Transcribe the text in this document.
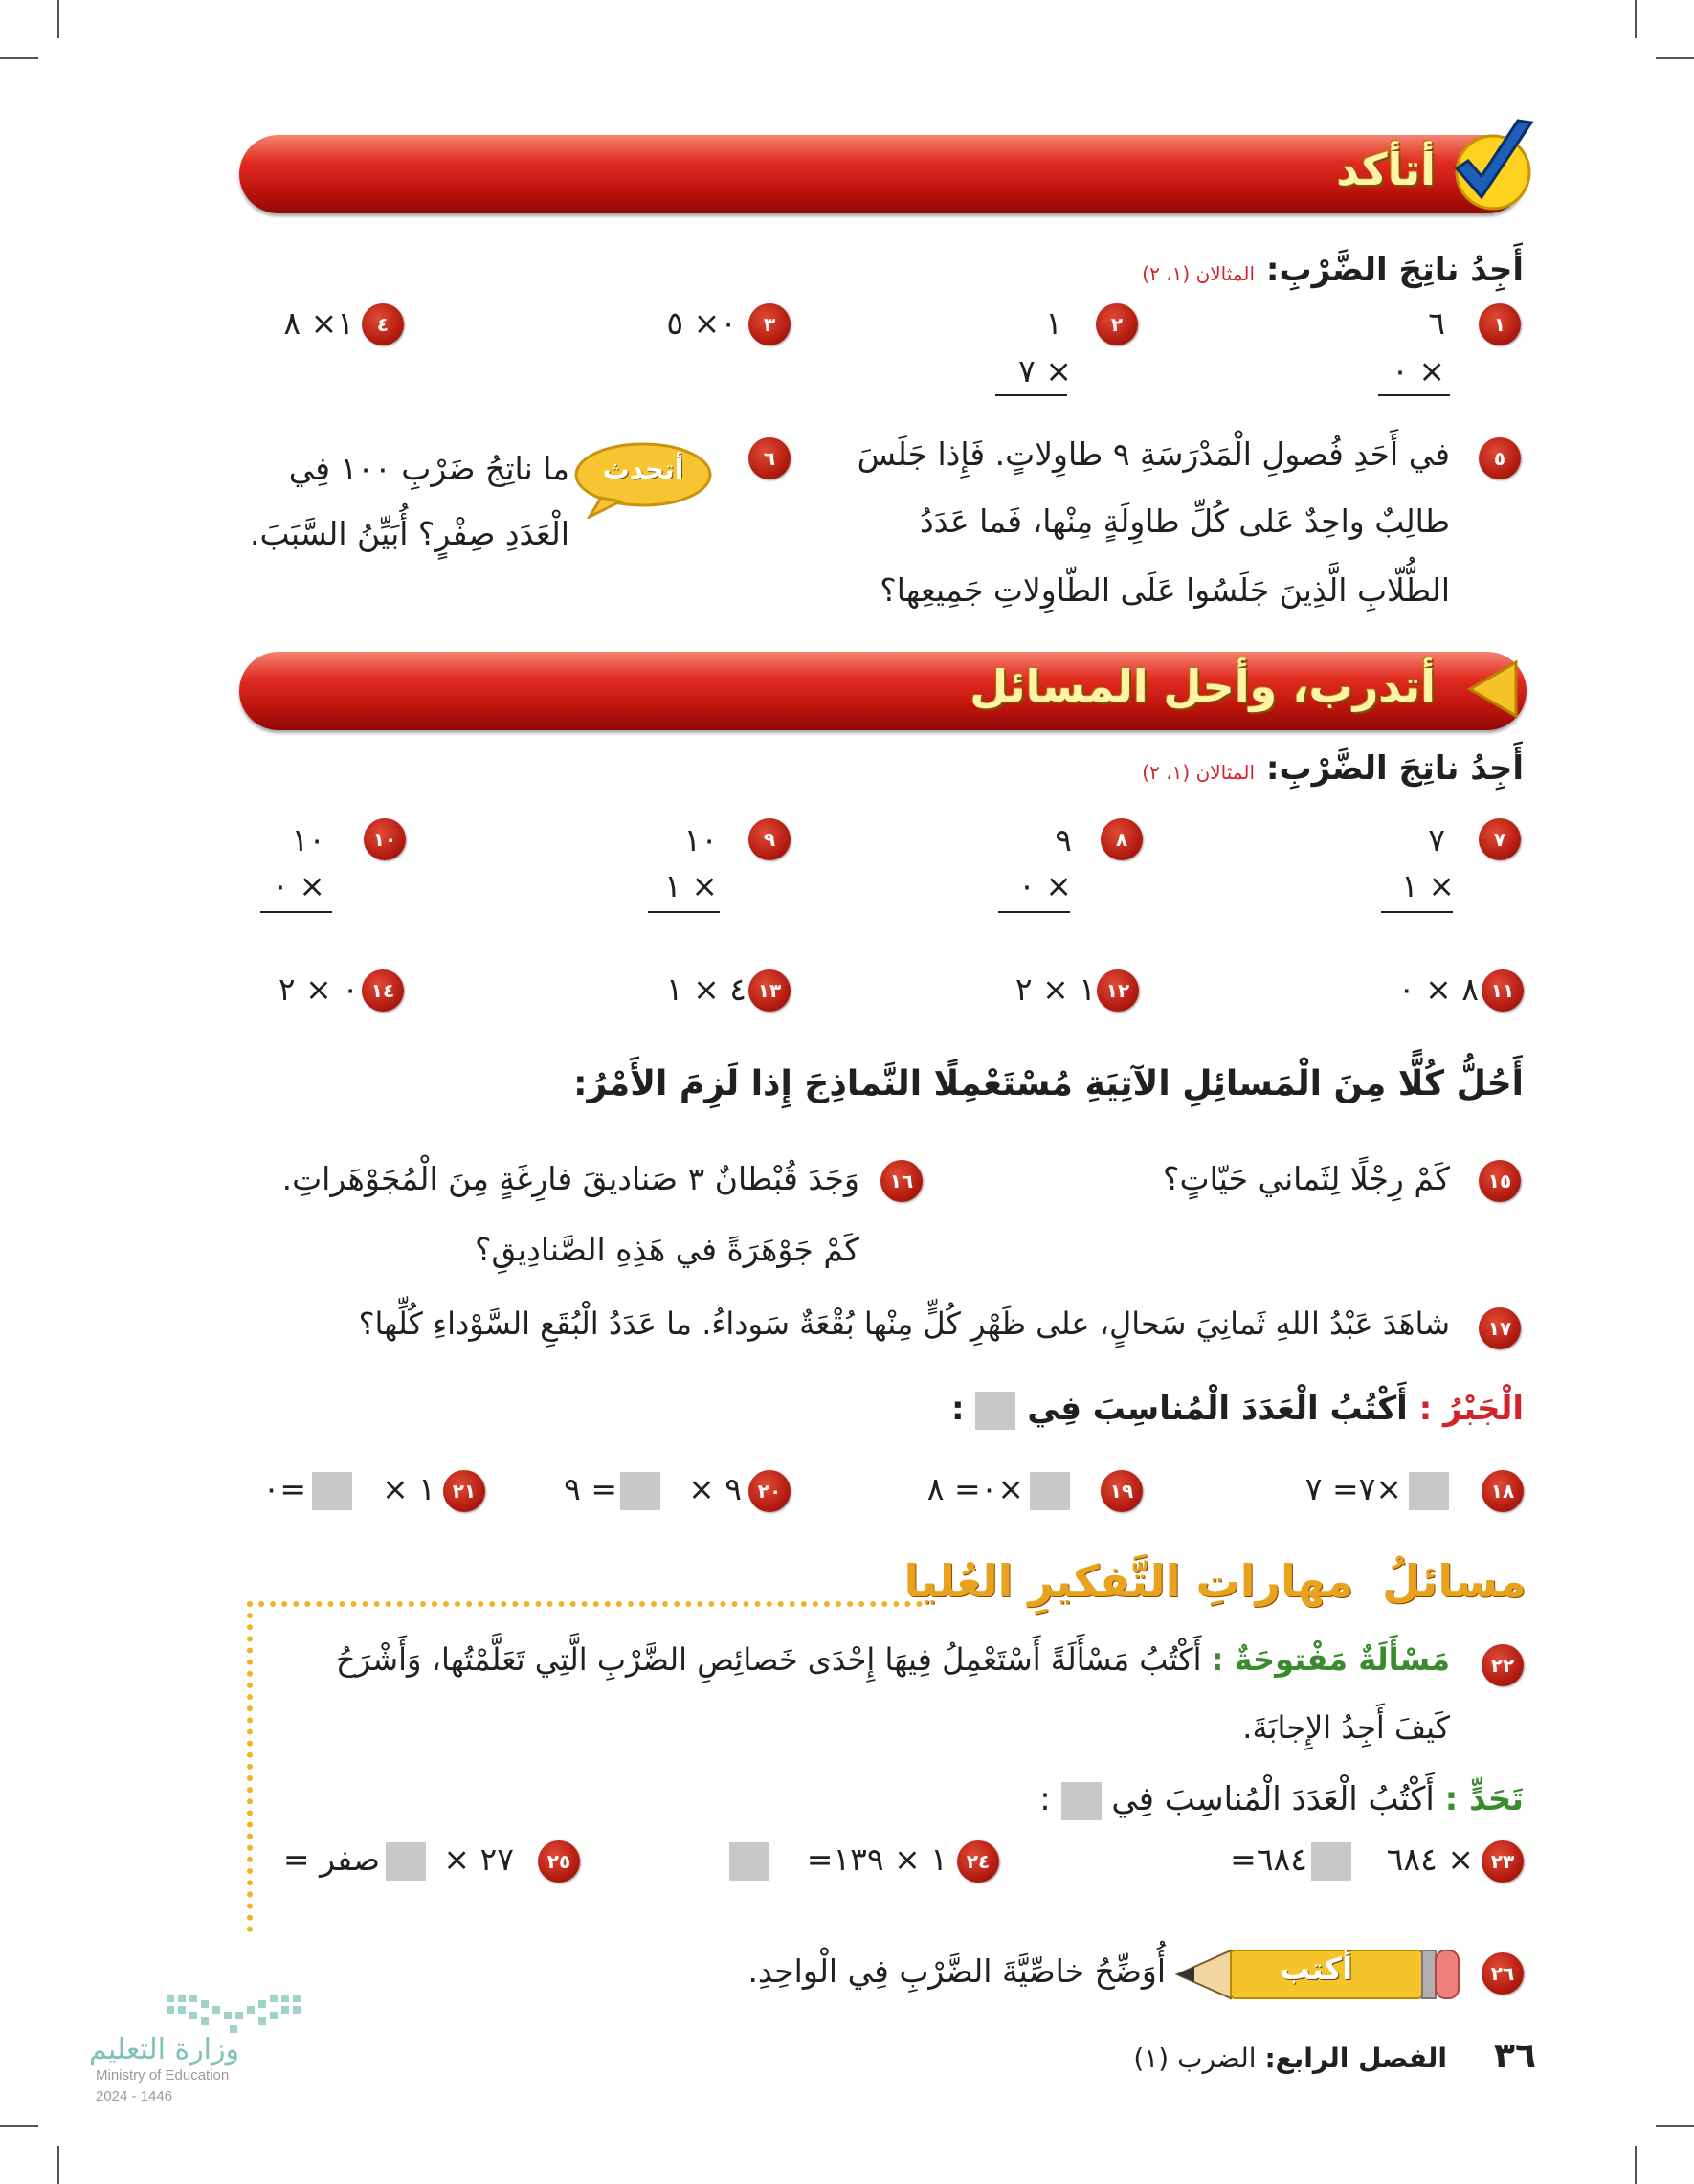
أتأكد
أَجِدُ ناتِجَ الضَّرْبِ: المثالان (١، ٢)
١
٦
٠ ×
٢
١
٧ ×
٣
٠× ٥
٤
١× ٨
٥
في أَحَدِ فُصولِ الْمَدْرَسَةِ ٩ طاوِلاتٍ. فَإِذا جَلَسَ
طالِبٌ واحِدٌ عَلى كُلِّ طاوِلَةٍ مِنْها، فَما عَدَدُ
الطُّلّابِ الَّذِينَ جَلَسُوا عَلَى الطّاوِلاتِ جَمِيعِها؟
٦
أتحدث
ما ناتِجُ ضَرْبِ ١٠٠ فِي
الْعَدَدِ صِفْرٍ؟ أُبَيِّنُ السَّبَبَ.
أتدرب، وأحل المسائل
أَجِدُ ناتِجَ الضَّرْبِ: المثالان (١، ٢)
٧
٧
١ ×
٨
٩
٠ ×
٩
١٠
١ ×
١٠
١٠
٠ ×
١١
٨ × ٠
١٢
١ × ٢
١٣
٤ × ١
١٤
٠ × ٢
أَحُلُّ كُلًّا مِنَ الْمَسائِلِ الآتِيَةِ مُسْتَعْمِلًا النَّماذِجَ إِذا لَزِمَ الأَمْرُ:
١٥
كَمْ رِجْلًا لِثَماني حَيّاتٍ؟
١٦
وَجَدَ قُبْطانٌ ٣ صَناديقَ فارِغَةٍ مِنَ الْمُجَوْهَراتِ.
كَمْ جَوْهَرَةً في هَذِهِ الصَّنادِيقِ؟
١٧
شاهَدَ عَبْدُ اللهِ ثَمانِيَ سَحالٍ، على ظَهْرِ كُلٍّ مِنْها بُقْعَةٌ سَوداءُ. ما عَدَدُ الْبُقَعِ السَّوْداءِ كُلِّها؟
الْجَبْرُ : أَكْتُبُ الْعَدَدَ الْمُناسِبَ فِي  :
١٨
٧= ٧×
١٩
٠= ٨×
٢٠
× ٩
٩ =
٢١
× ١
٠=
مسائلُ مهاراتِ التَّفكيرِ العُليا
٢٢
مَسْأَلَةٌ مَفْتوحَةٌ : أَكْتُبُ مَسْأَلَةً أَسْتَعْمِلُ فِيهَا إِحْدَى خَصائِصِ الضَّرْبِ الَّتِي تَعَلَّمْتُها، وَأَشْرَحُ
كَيفَ أَجِدُ الإِجابَةَ.
تَحَدٍّ : أَكْتُبُ الْعَدَدَ الْمُناسِبَ فِي  :
٢٣
٦٨٤ ×
=٦٨٤
٢٤
=١ × ١٣٩
٢٥
× ٢٧
= صفر
٢٦
أكتب
أُوَضِّحُ خاصِّيَّةَ الضَّرْبِ فِي الْواحِدِ.
وزارة التعليم
Ministry of Education
2024 - 1446
٣٦
الفصل الرابع: الضرب (١)
